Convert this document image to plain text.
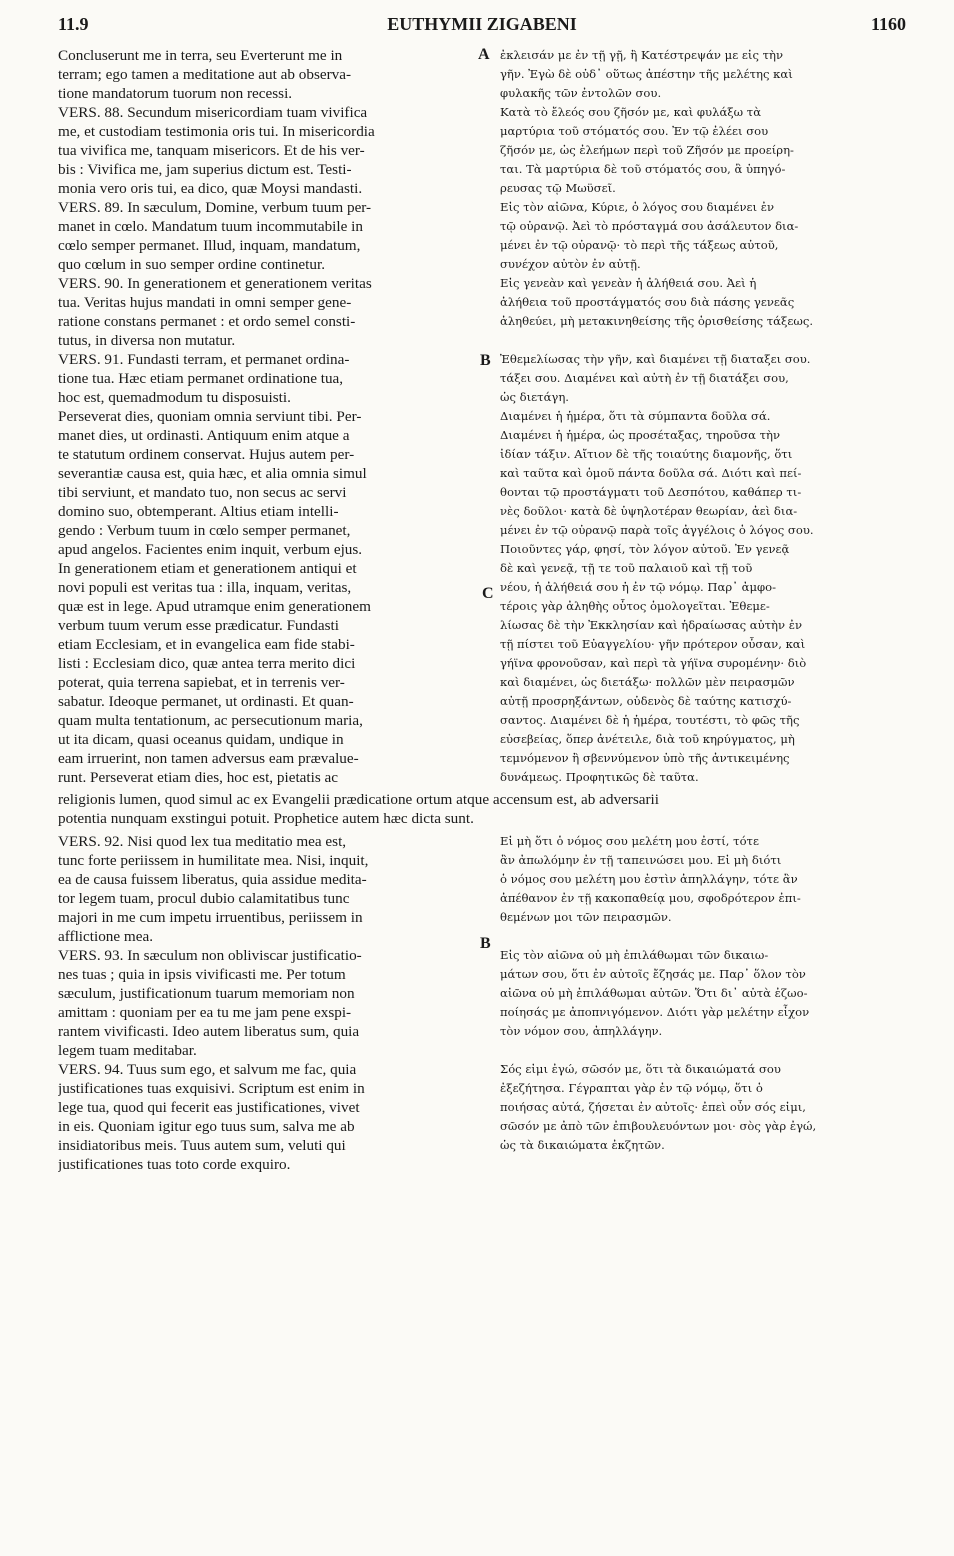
11.9	EUTHYMII ZIGABENI	1160
Concluserunt me in terra, seu Everterunt me in
terram; ego tamen a meditatione aut ab observa-
tione mandatorum tuorum non recessi.
VERS. 88. Secundum misericordiam tuam vivifica
me, et custodiam testimonia oris tui. In misericordia
tua vivifica me, tanquam misericors. Et de his ver-
bis : Vivifica me, jam superius dictum est. Testi-
monia vero oris tui, ea dico, quæ Moysi mandasti.
VERS. 89. In sæculum, Domine, verbum tuum per-
manet in cœlo. Mandatum tuum incommutabile in
cœlo semper permanet. Illud, inquam, mandatum,
quo cœlum in suo semper ordine continetur.
VERS. 90. In generationem et generationem veritas
tua. Veritas hujus mandati in omni semper gene-
ratione constans permanet : et ordo semel consti-
tutus, in diversa non mutatur.
VERS. 91. Fundasti terram, et permanet ordina-
tione tua. Hæc etiam permanet ordinatione tua,
hoc est, quemadmodum tu disposuisti.
Perseverat dies, quoniam omnia serviunt tibi. Per-
manet dies, ut ordinasti. Antiquum enim atque a
te statutum ordinem conservat. Hujus autem per-
severantiæ causa est, quia hæc, et alia omnia simul
tibi serviunt, et mandato tuo, non secus ac servi
domino suo, obtemperant. Altius etiam intelli-
gendo : Verbum tuum in cœlo semper permanet,
apud angelos. Facientes enim inquit, verbum ejus.
In generationem etiam et generationem antiqui et
novi populi est veritas tua : illa, inquam, veritas,
quæ est in lege. Apud utramque enim generationem
verbum tuum verum esse prædicatur. Fundasti
etiam Ecclesiam, et in evangelica eam fide stabi-
listi : Ecclesiam dico, quæ antea terra merito dici
poterat, quia terrena sapiebat, et in terrenis ver-
sabatur. Ideoque permanet, ut ordinasti. Et quan-
quam multa tentationum, ac persecutionum maria,
ut ita dicam, quasi oceanus quidam, undique in
eam irruerint, non tamen adversus eam prævalue-
runt. Perseverat etiam dies, hoc est, pietatis ac
ἐκλεισάν με ἐν τῇ γῇ, ἢ Κατέστρεψάν με εἰς τὴν
γῆν. Ἐγὼ δὲ οὐδ᾽ οὕτως ἀπέστην τῆς μελέτης καὶ
φυλακῆς τῶν ἐντολῶν σου.
Κατὰ τὸ ἔλεός σου ζῆσόν με, καὶ φυλάξω τὰ
μαρτύρια τοῦ στόματός σου. Ἐν τῷ ἐλέει σου
ζῆσόν με, ὡς ἐλεήμων περὶ τοῦ Ζῆσόν με προείρη-
ται. Τὰ μαρτύρια δὲ τοῦ στόματός σου, ἃ ὑπηγό-
ρευσας τῷ Μωϋσεῖ.
Εἰς τὸν αἰῶνα, Κύριε, ὁ λόγος σου διαμένει ἐν
τῷ οὐρανῷ. Ἀεὶ τὸ πρόσταγμά σου ἀσάλευτον δια-
μένει ἐν τῷ οὐρανῷ· τὸ περὶ τῆς τάξεως αὐτοῦ,
συνέχον αὐτὸν ἐν αὐτῇ.
Εἰς γενεὰν καὶ γενεὰν ἡ ἀλήθειά σου. Ἀεὶ ἡ
ἀλήθεια τοῦ προστάγματός σου διὰ πάσης γενεᾶς
ἀληθεύει, μὴ μετακινηθείσης τῆς ὁρισθείσης τάξεως.
Ἐθεμελίωσας τὴν γῆν, καὶ διαμένει τῇ διαταξει σου.
τάξει σου. Διαμένει καὶ αὐτὴ ἐν τῇ διατάξει σου,
ὡς διετάγη.
Διαμένει ἡ ἡμέρα, ὅτι τὰ σύμπαντα δοῦλα σά.
Διαμένει ἡ ἡμέρα, ὡς προσέταξας, τηροῦσα τὴν
ἰδίαν τάξιν. Αἴτιον δὲ τῆς τοιαύτης διαμονῆς, ὅτι
καὶ ταῦτα καὶ ὁμοῦ πάντα δοῦλα σά. Διότι καὶ πεί-
θονται τῷ προστάγματι τοῦ Δεσπότου, καθάπερ τι-
νὲς δοῦλοι· κατὰ δὲ ὑψηλοτέραν θεωρίαν, ἀεὶ δια-
μένει ἐν τῷ οὐρανῷ παρὰ τοῖς ἀγγέλοις ὁ λόγος σου.
Ποιοῦντες γάρ, φησί, τὸν λόγον αὐτοῦ. Ἐν γενεᾷ
δὲ καὶ γενεᾷ, τῇ τε τοῦ παλαιοῦ καὶ τῇ τοῦ
νέου, ἡ ἀλήθειά σου ἡ ἐν τῷ νόμῳ. Παρ᾽ ἀμφο-
τέροις γὰρ ἀληθὴς οὗτος ὁμολογεῖται. Ἐθεμε-
λίωσας δὲ τὴν Ἐκκλησίαν καὶ ἡδραίωσας αὐτὴν ἐν
τῇ πίστει τοῦ Εὐαγγελίου· γῆν πρότερον οὖσαν, καὶ
γήϊνα φρονοῦσαν, καὶ περὶ τὰ γήϊνα συρομένην· διὸ
καὶ διαμένει, ὡς διετάξω· πολλῶν μὲν πειρασμῶν
αὐτῇ προσρηξάντων, οὐδενὸς δὲ ταύτης κατισχύ-
σαντος. Διαμένει δὲ ἡ ἡμέρα, τουτέστι, τὸ φῶς τῆς
εὐσεβείας, ὅπερ ἀνέτειλε, διὰ τοῦ κηρύγματος, μὴ
τεμνόμενον ἢ σβεννύμενον ὑπὸ τῆς ἀντικειμένης
δυνάμεως. Προφητικῶς δὲ ταῦτα.
religionis lumen, quod simul ac ex Evangelii prædicatione ortum atque accensum est, ab adversarii
potentia nunquam exstingui potuit. Prophetice autem hæc dicta sunt.
VERS. 92. Nisi quod lex tua meditatio mea est,
tunc forte periissem in humilitate mea. Nisi, inquit,
ea de causa fuissem liberatus, quia assidue medita-
tor legem tuam, procul dubio calamitatibus tunc
majori in me cum impetu irruentibus, periissem in
afflictione mea.
VERS. 93. In sæculum non obliviscar justificatio-
nes tuas ; quia in ipsis vivificasti me. Per totum
sæculum, justificationum tuarum memoriam non
amittam : quoniam per ea tu me jam pene exspi-
rantem vivificasti. Ideo autem liberatus sum, quia
legem tuam meditabar.
VERS. 94. Tuus sum ego, et salvum me fac, quia
justificationes tuas exquisivi. Scriptum est enim in
lege tua, quod qui fecerit eas justificationes, vivet
in eis. Quoniam igitur ego tuus sum, salva me ab
insidiatoribus meis. Tuus autem sum, veluti qui
justificationes tuas toto corde exquiro.
Εἰ μὴ ὅτι ὁ νόμος σου μελέτη μου ἐστί, τότε
ἂν ἀπωλόμην ἐν τῇ ταπεινώσει μου. Εἰ μὴ διότι
ὁ νόμος σου μελέτη μου ἐστὶν ἀπηλλάγην, τότε ἂν
ἀπέθανον ἐν τῇ κακοπαθείᾳ μου, σφοδρότερον ἐπι-
θεμένων μοι τῶν πειρασμῶν.
Εἰς τὸν αἰῶνα οὐ μὴ ἐπιλάθωμαι τῶν δικαιω-
μάτων σου, ὅτι ἐν αὐτοῖς ἔζησάς με. Παρ᾽ ὅλον τὸν
αἰῶνα οὐ μὴ ἐπιλάθωμαι αὐτῶν. Ὅτι δι᾽ αὐτὰ ἐζωο-
ποίησάς με ἀποπνιγόμενον. Διότι γὰρ μελέτην εἶχον
τὸν νόμον σου, ἀπηλλάγην.
Σός εἰμι ἐγώ, σῶσόν με, ὅτι τὰ δικαιώματά σου
ἐξεζήτησα. Γέγραπται γὰρ ἐν τῷ νόμῳ, ὅτι ὁ
ποιήσας αὐτά, ζήσεται ἐν αὐτοῖς· ἐπεὶ οὖν σός εἰμι,
σῶσόν με ἀπὸ τῶν ἐπιβουλευόντων μοι· σὸς γὰρ ἐγώ,
ὡς τὰ δικαιώματα ἐκζητῶν.
A
B
C
B
